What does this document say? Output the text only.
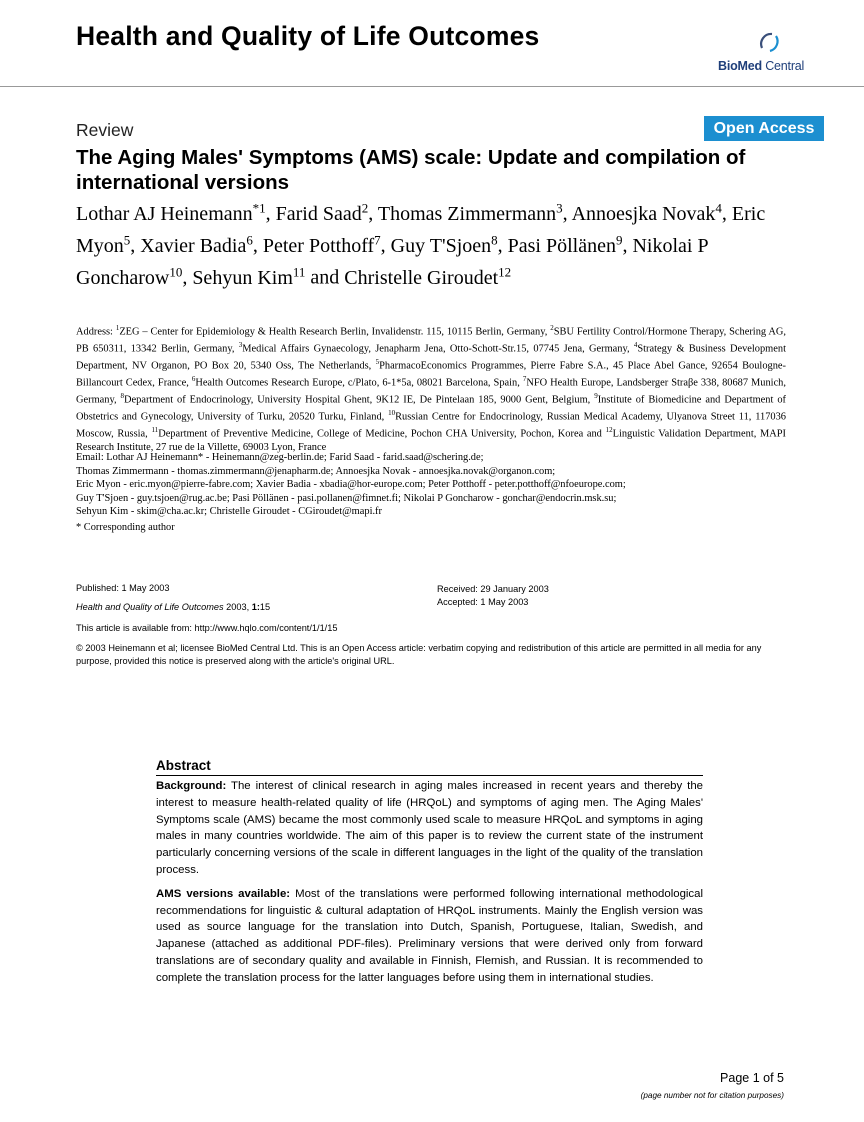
Health and Quality of Life Outcomes
BioMed Central
Review	Open Access
The Aging Males' Symptoms (AMS) scale: Update and compilation of international versions
Lothar AJ Heinemann$^{*1}$, Farid Saad$^2$, Thomas Zimmermann$^3$, Annoesjka Novak$^4$, Eric Myon$^5$, Xavier Badia$^6$, Peter Potthoff$^7$, Guy T'Sjoen$^8$, Pasi Pöllänen$^9$, Nikolai P Goncharow$^{10}$, Sehyun Kim$^{11}$ and Christelle Giroudet$^{12}$
Address: $^1$ZEG – Center for Epidemiology & Health Research Berlin, Invalidenstr. 115, 10115 Berlin, Germany, $^2$SBU Fertility Control/Hormone Therapy, Schering AG, PB 650311, 13342 Berlin, Germany, $^3$Medical Affairs Gynaecology, Jenapharm Jena, Otto-Schott-Str.15, 07745 Jena, Germany, $^4$Strategy & Business Development Department, NV Organon, PO Box 20, 5340 Oss, The Netherlands, $^5$PharmacoEconomics Programmes, Pierre Fabre S.A., 45 Place Abel Gance, 92654 Boulogne-Billancourt Cedex, France, $^6$Health Outcomes Research Europe, c/Plato, 6-1*5a, 08021 Barcelona, Spain, $^7$NFO Health Europe, Landsberger Straβe 338, 80687 Munich, Germany, $^8$Department of Endocrinology, University Hospital Ghent, 9K12 IE, De Pintelaan 185, 9000 Gent, Belgium, $^9$Institute of Biomedicine and Department of Obstetrics and Gynecology, University of Turku, 20520 Turku, Finland, $^{10}$Russian Centre for Endocrinology, Russian Medical Academy, Ulyanova Street 11, 117036 Moscow, Russia, $^{11}$Department of Preventive Medicine, College of Medicine, Pochon CHA University, Pochon, Korea and $^{12}$Linguistic Validation Department, MAPI Research Institute, 27 rue de la Villette, 69003 Lyon, France
Email: Lothar AJ Heinemann* - Heinemann@zeg-berlin.de; Farid Saad - farid.saad@schering.de;
Thomas Zimmermann - thomas.zimmermann@jenapharm.de; Annoesjka Novak - annoesjka.novak@organon.com;
Eric Myon - eric.myon@pierre-fabre.com; Xavier Badia - xbadia@hor-europe.com; Peter Potthoff - peter.potthoff@nfoeurope.com;
Guy T'Sjoen - guy.tsjoen@rug.ac.be; Pasi Pöllänen - pasi.pollanen@fimnet.fi; Nikolai P Goncharow - gonchar@endocrin.msk.su;
Sehyun Kim - skim@cha.ac.kr; Christelle Giroudet - CGiroudet@mapi.fr
* Corresponding author
Published: 1 May 2003
Health and Quality of Life Outcomes 2003, 1:15
This article is available from: http://www.hqlo.com/content/1/1/15
Received: 29 January 2003
Accepted: 1 May 2003
© 2003 Heinemann et al; licensee BioMed Central Ltd. This is an Open Access article: verbatim copying and redistribution of this article are permitted in all media for any purpose, provided this notice is preserved along with the article's original URL.
Abstract
Background: The interest of clinical research in aging males increased in recent years and thereby the interest to measure health-related quality of life (HRQoL) and symptoms of aging men. The Aging Males' Symptoms scale (AMS) became the most commonly used scale to measure HRQoL and symptoms in aging males in many countries worldwide. The aim of this paper is to review the current state of the instrument particularly concerning versions of the scale in different languages in the light of the quality of the translation process.
AMS versions available: Most of the translations were performed following international methodological recommendations for linguistic & cultural adaptation of HRQoL instruments. Mainly the English version was used as source language for the translation into Dutch, Spanish, Portuguese, Italian, Swedish, and Japanese (attached as additional PDF-files). Preliminary versions that were derived only from forward translations are of secondary quality and available in Finnish, Flemish, and Russian. It is recommended to complete the translation process for the latter languages before using them in international studies.
Page 1 of 5
(page number not for citation purposes)
